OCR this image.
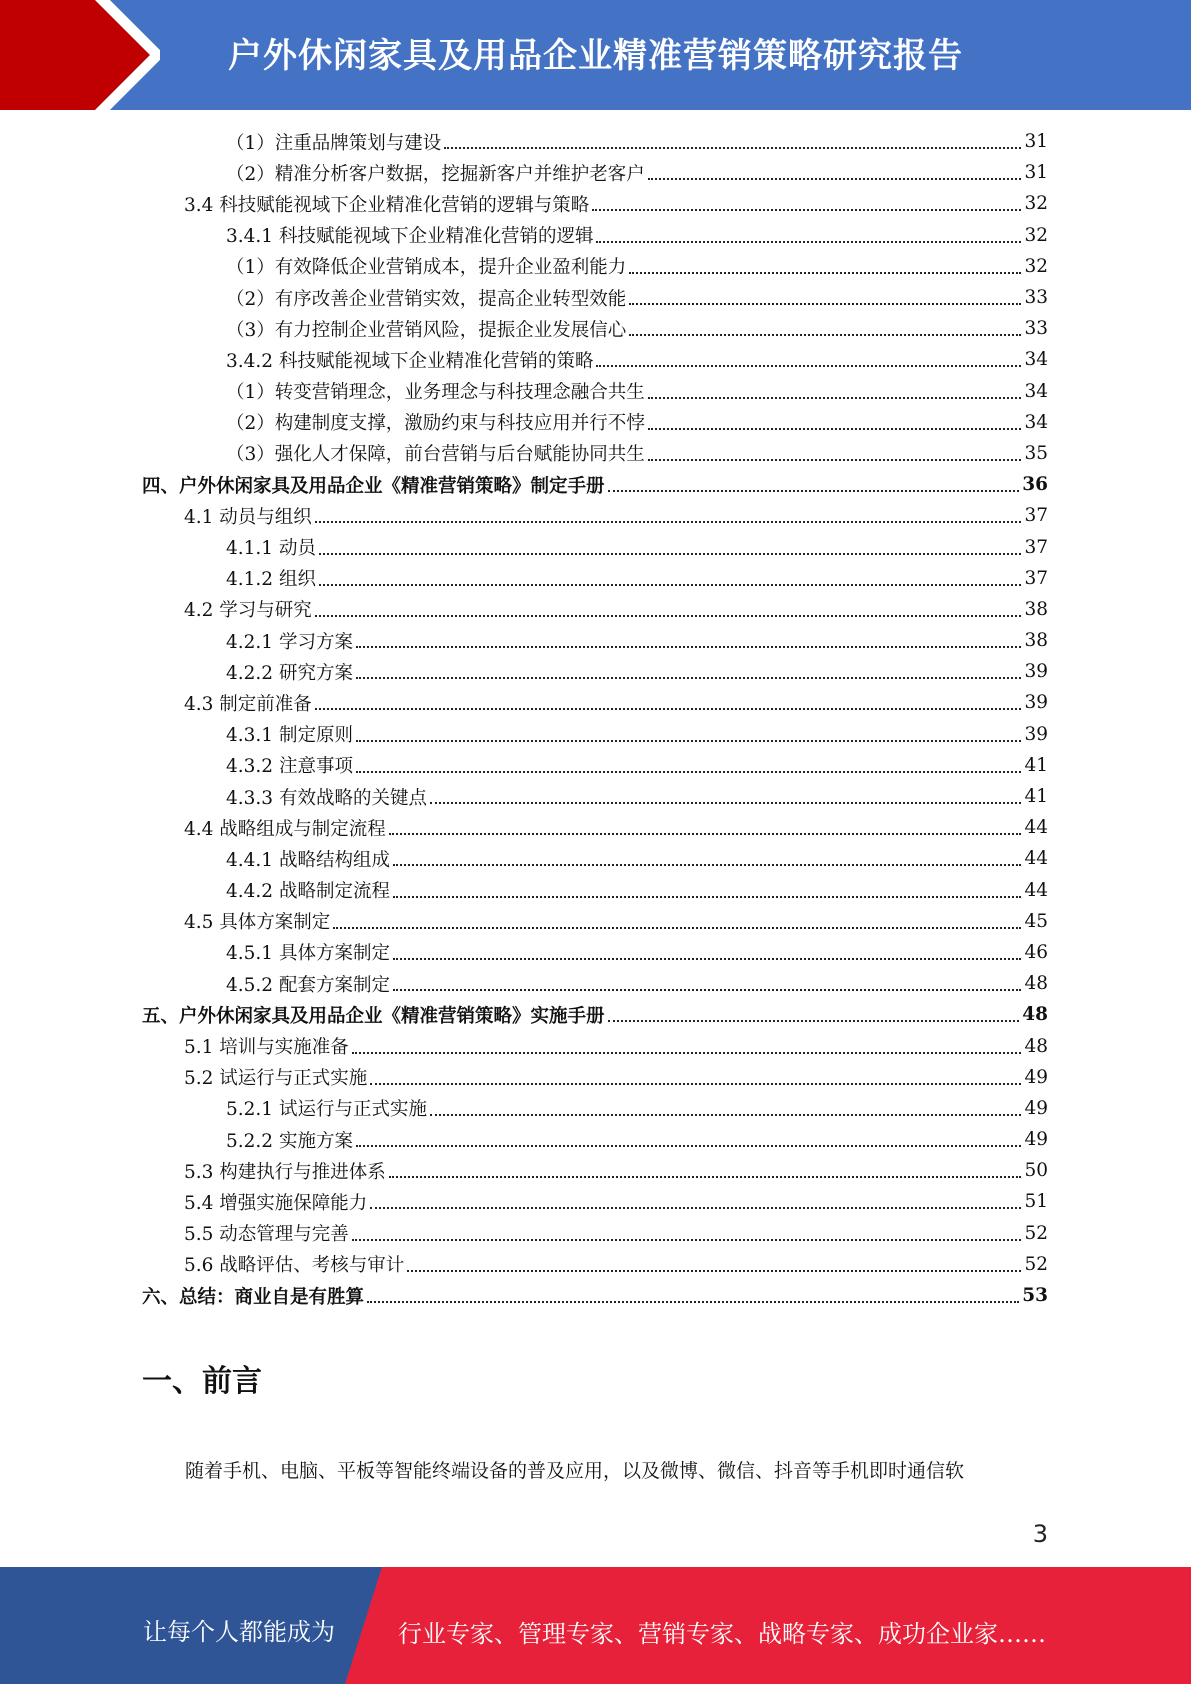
户外休闲家具及用品企业精准营销策略研究报告
（1）注重品牌策划与建设	31
（2）精准分析客户数据，挖掘新客户并维护老客户	31
3.4 科技赋能视域下企业精准化营销的逻辑与策略	32
3.4.1 科技赋能视域下企业精准化营销的逻辑	32
（1）有效降低企业营销成本，提升企业盈利能力	32
（2）有序改善企业营销实效，提高企业转型效能	33
（3）有力控制企业营销风险，提振企业发展信心	33
3.4.2 科技赋能视域下企业精准化营销的策略	34
（1）转变营销理念，业务理念与科技理念融合共生	34
（2）构建制度支撑，激励约束与科技应用并行不悖	34
（3）强化人才保障，前台营销与后台赋能协同共生	35
四、户外休闲家具及用品企业《精准营销策略》制定手册	36
4.1 动员与组织	37
4.1.1 动员	37
4.1.2 组织	37
4.2 学习与研究	38
4.2.1 学习方案	38
4.2.2 研究方案	39
4.3 制定前准备	39
4.3.1 制定原则	39
4.3.2 注意事项	41
4.3.3 有效战略的关键点	41
4.4 战略组成与制定流程	44
4.4.1 战略结构组成	44
4.4.2 战略制定流程	44
4.5 具体方案制定	45
4.5.1 具体方案制定	46
4.5.2 配套方案制定	48
五、户外休闲家具及用品企业《精准营销策略》实施手册	48
5.1 培训与实施准备	48
5.2 试运行与正式实施	49
5.2.1 试运行与正式实施	49
5.2.2 实施方案	49
5.3 构建执行与推进体系	50
5.4 增强实施保障能力	51
5.5 动态管理与完善	52
5.6 战略评估、考核与审计	52
六、总结：商业自是有胜算	53
一、前言
随着手机、电脑、平板等智能终端设备的普及应用，以及微博、微信、抖音等手机即时通信软
3
让每个人都能成为	行业专家、管理专家、营销专家、战略专家、成功企业家……
